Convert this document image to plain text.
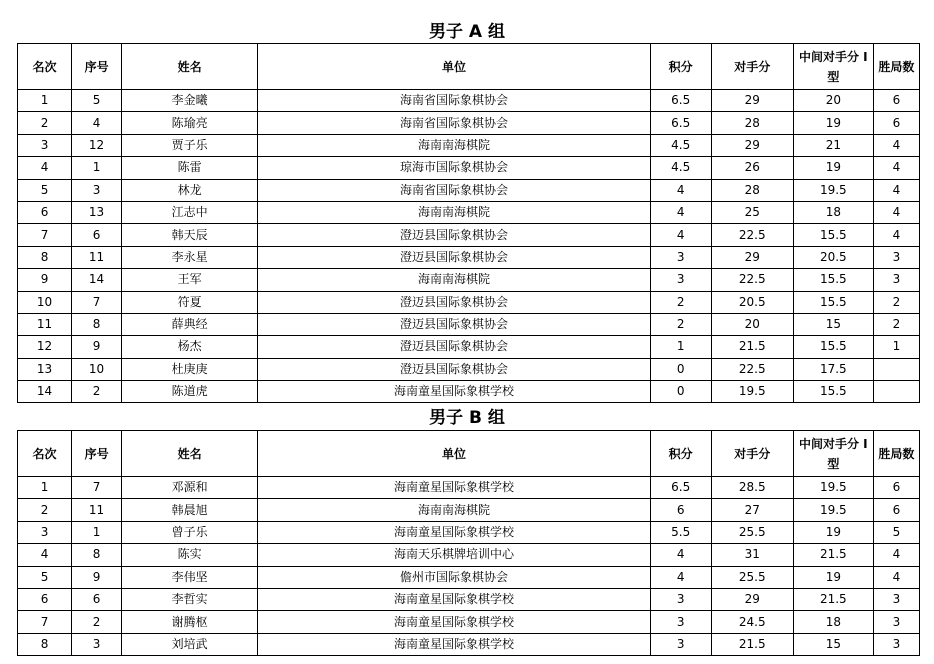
男子 A 组
名次	序号	姓名	单位	积分	对手分	中间对手分 I 型	胜局数
1	5	李金曦	海南省国际象棋协会	6.5	29	20	6
2	4	陈瑜亮	海南省国际象棋协会	6.5	28	19	6
3	12	贾子乐	海南南海棋院	4.5	29	21	4
4	1	陈雷	琼海市国际象棋协会	4.5	26	19	4
5	3	林龙	海南省国际象棋协会	4	28	19.5	4
6	13	江志中	海南南海棋院	4	25	18	4
7	6	韩天辰	澄迈县国际象棋协会	4	22.5	15.5	4
8	11	李永星	澄迈县国际象棋协会	3	29	20.5	3
9	14	王军	海南南海棋院	3	22.5	15.5	3
10	7	符夏	澄迈县国际象棋协会	2	20.5	15.5	2
11	8	薛典经	澄迈县国际象棋协会	2	20	15	2
12	9	杨杰	澄迈县国际象棋协会	1	21.5	15.5	1
13	10	杜庚庚	澄迈县国际象棋协会	0	22.5	17.5	
14	2	陈道虎	海南童星国际象棋学校	0	19.5	15.5	
男子 B 组
名次	序号	姓名	单位	积分	对手分	中间对手分 I 型	胜局数
1	7	邓源和	海南童星国际象棋学校	6.5	28.5	19.5	6
2	11	韩晨旭	海南南海棋院	6	27	19.5	6
3	1	曾子乐	海南童星国际象棋学校	5.5	25.5	19	5
4	8	陈实	海南天乐棋牌培训中心	4	31	21.5	4
5	9	李伟坚	儋州市国际象棋协会	4	25.5	19	4
6	6	李哲实	海南童星国际象棋学校	3	29	21.5	3
7	2	谢腾枢	海南童星国际象棋学校	3	24.5	18	3
8	3	刘培武	海南童星国际象棋学校	3	21.5	15	3
